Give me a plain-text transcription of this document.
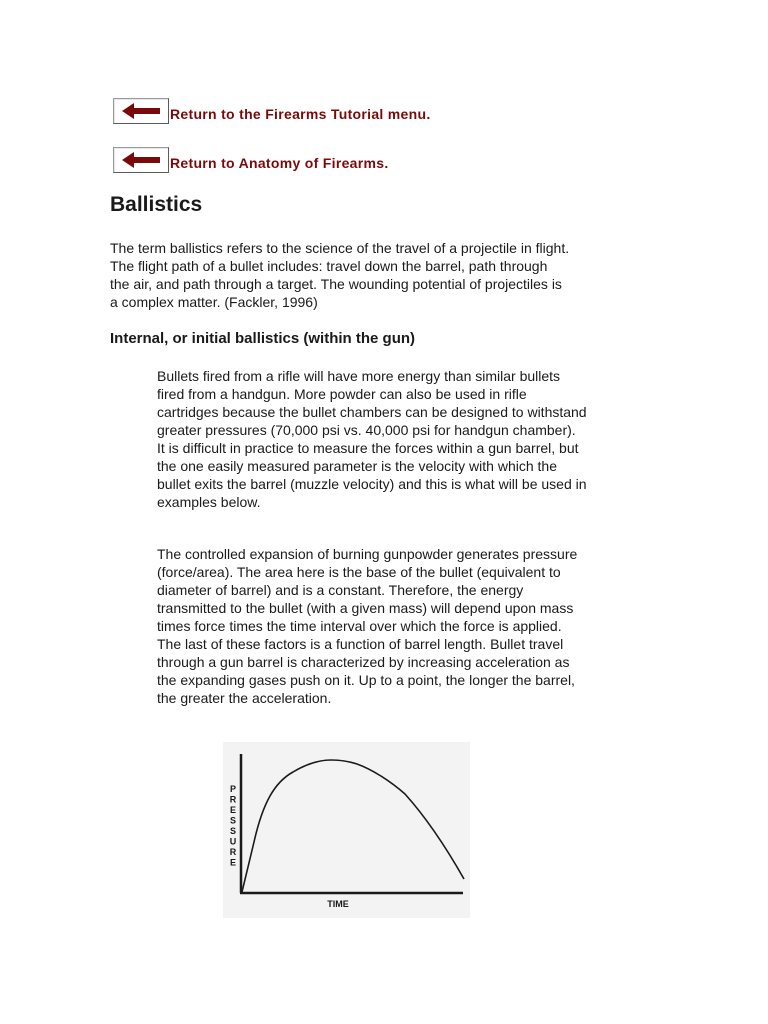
Return to the Firearms Tutorial menu.
Return to Anatomy of Firearms.
Ballistics

The term ballistics refers to the science of the travel of a projectile in flight. The flight path of a bullet includes: travel down the barrel, path through the air, and path through a target. The wounding potential of projectiles is a complex matter. (Fackler, 1996)

Internal, or initial ballistics (within the gun)

Bullets fired from a rifle will have more energy than similar bullets fired from a handgun. More powder can also be used in rifle cartridges because the bullet chambers can be designed to withstand greater pressures (70,000 psi vs. 40,000 psi for handgun chamber). It is difficult in practice to measure the forces within a gun barrel, but the one easily measured parameter is the velocity with which the bullet exits the barrel (muzzle velocity) and this is what will be used in examples below.

The controlled expansion of burning gunpowder generates pressure (force/area). The area here is the base of the bullet (equivalent to diameter of barrel) and is a constant. Therefore, the energy transmitted to the bullet (with a given mass) will depend upon mass times force times the time interval over which the force is applied. The last of these factors is a function of barrel length. Bullet travel through a gun barrel is characterized by increasing acceleration as the expanding gases push on it. Up to a point, the longer the barrel, the greater the acceleration.

P
R
E
S
S
U
R
E
TIME
